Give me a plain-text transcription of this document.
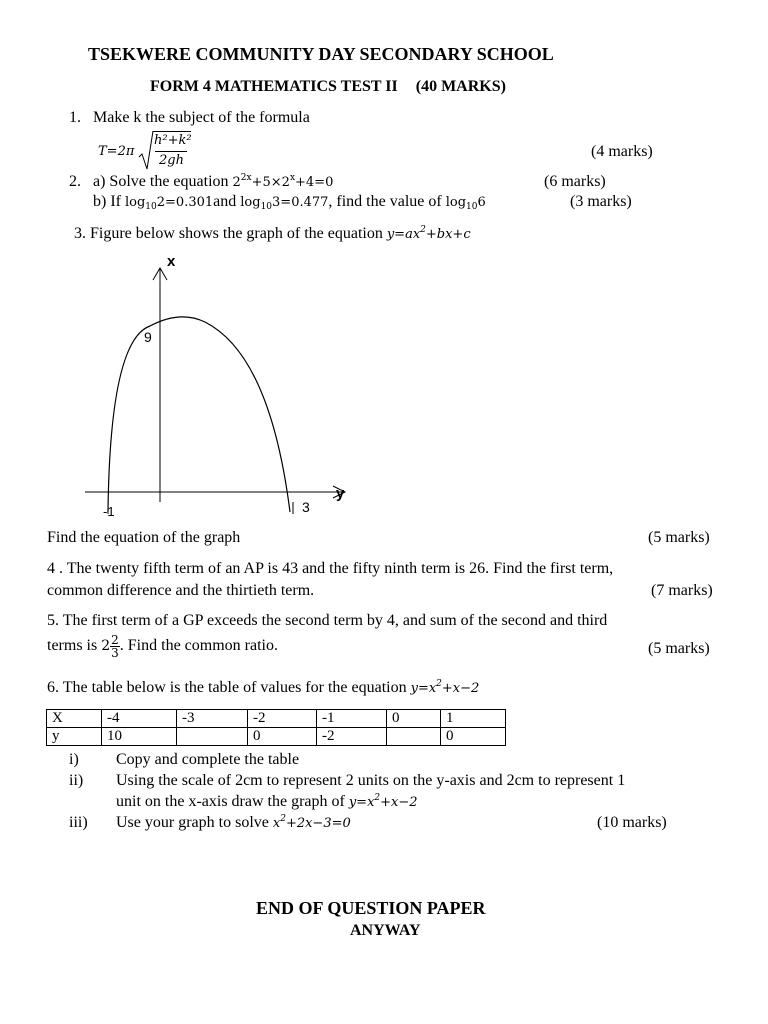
TSEKWERE COMMUNITY DAY SECONDARY SCHOOL
FORM 4 MATHEMATICS TEST II (40 MARKS)
1. Make k the subject of the formula
T=2π
h²+k²
2gh
(4 marks)
2. a) Solve the equation $2^{2x}+5\times 2^x+4=0$	(6 marks)
b) If $\log_{10}2=0.301and$ $\log_{10}3=0.477$, find the value of $\log_{10}6$	(3 marks)
3. Figure below shows the graph of the equation $y=ax^2+bx+c$
x
y
9
-1	3
Find the equation of the graph	(5 marks)
4 . The twenty fifth term of an AP is 43 and the fifty ninth term is 26. Find the first term,
common difference and the thirtieth term.	(7 marks)
5. The first term of a GP exceeds the second term by 4, and sum of the second and third
terms is $2 \frac{2}{3}$ . Find the common ratio.	(5 marks)
6. The table below is the table of values for the equation $y=x^2+x-2$
X	-4	-3	-2	-1	0	1
y	10		0	-2		0
i) Copy and complete the table
ii) Using the scale of 2cm to represent 2 units on the y-axis and 2cm to represent 1
unit on the x-axis draw the graph of $y=x^2+x-2$
iii) Use your graph to solve $x^2+2x-3=0$	(10 marks)
END OF QUESTION PAPER
ANYWAY
